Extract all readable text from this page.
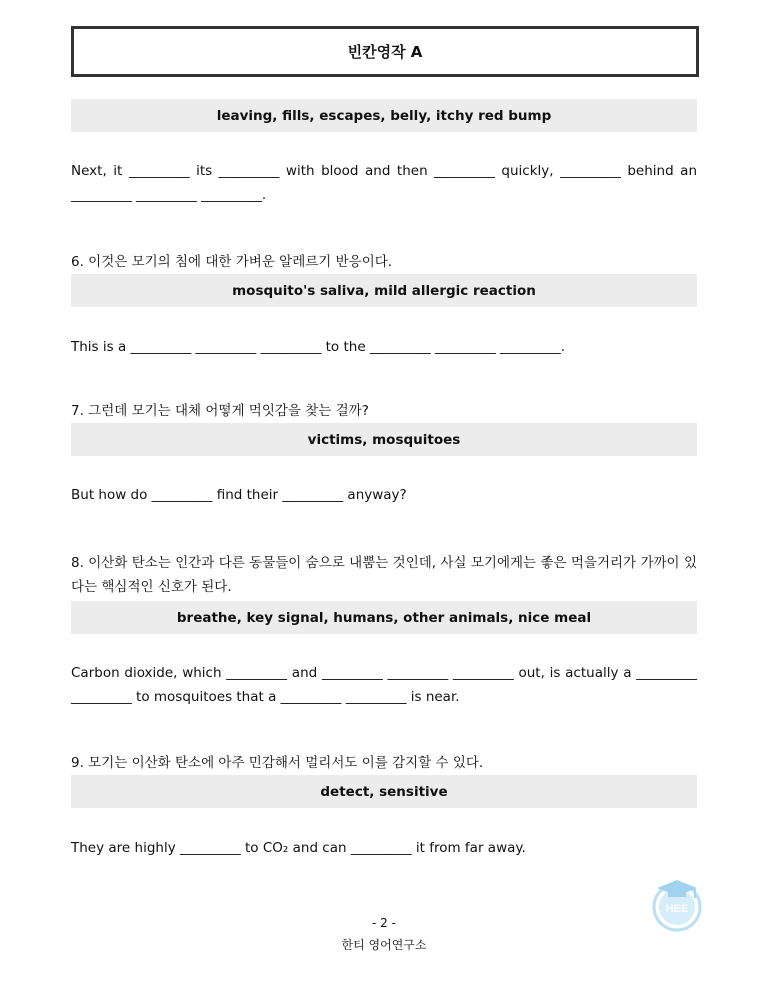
빈칸영작 A
leaving, fills, escapes, belly, itchy red bump
Next, it _________ its _________ with blood and then _________ quickly, _________ behind an _________ _________ _________.
6. 이것은 모기의 침에 대한 가벼운 알레르기 반응이다.
mosquito's saliva, mild allergic reaction
This is a _________ _________ _________ to the _________ _________ _________.
7. 그런데 모기는 대체 어떻게 먹잇감을 찾는 걸까?
victims, mosquitoes
But how do _________ find their _________ anyway?
8. 이산화 탄소는 인간과 다른 동물들이 숨으로 내뿜는 것인데, 사실 모기에게는 좋은 먹을거리가 가까이 있다는 핵심적인 신호가 된다.
breathe, key signal, humans, other animals, nice meal
Carbon dioxide, which _________ and _________ _________ _________ out, is actually a _________ _________ to mosquitoes that a _________ _________ is near.
9. 모기는 이산화 탄소에 아주 민감해서 멀리서도 이를 감지할 수 있다.
detect, sensitive
They are highly _________ to CO₂ and can _________ it from far away.
HEE
- 2 -
한티 영어연구소
